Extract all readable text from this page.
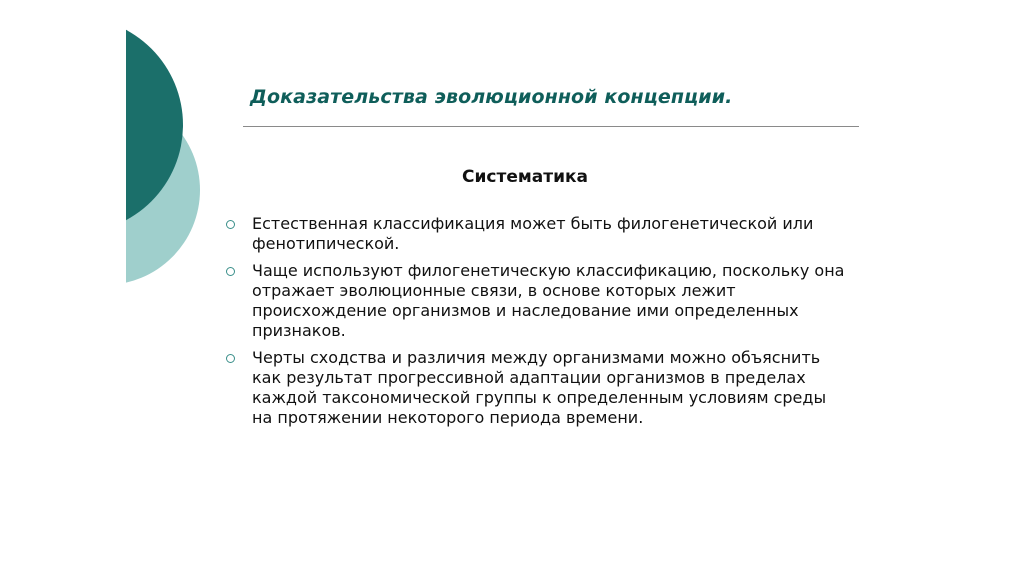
Доказательства эволюционной концепции.
Систематика
Естественная классификация может быть филогенетической или фенотипической.
Чаще используют филогенетическую классификацию, поскольку она отражает эволюционные связи, в основе которых лежит происхождение организмов и наследование ими определенных признаков.
Черты сходства и различия между организмами можно объяснить как результат прогрессивной адаптации организмов в пределах каждой таксономической группы к определенным условиям среды на протяжении некоторого периода времени.
